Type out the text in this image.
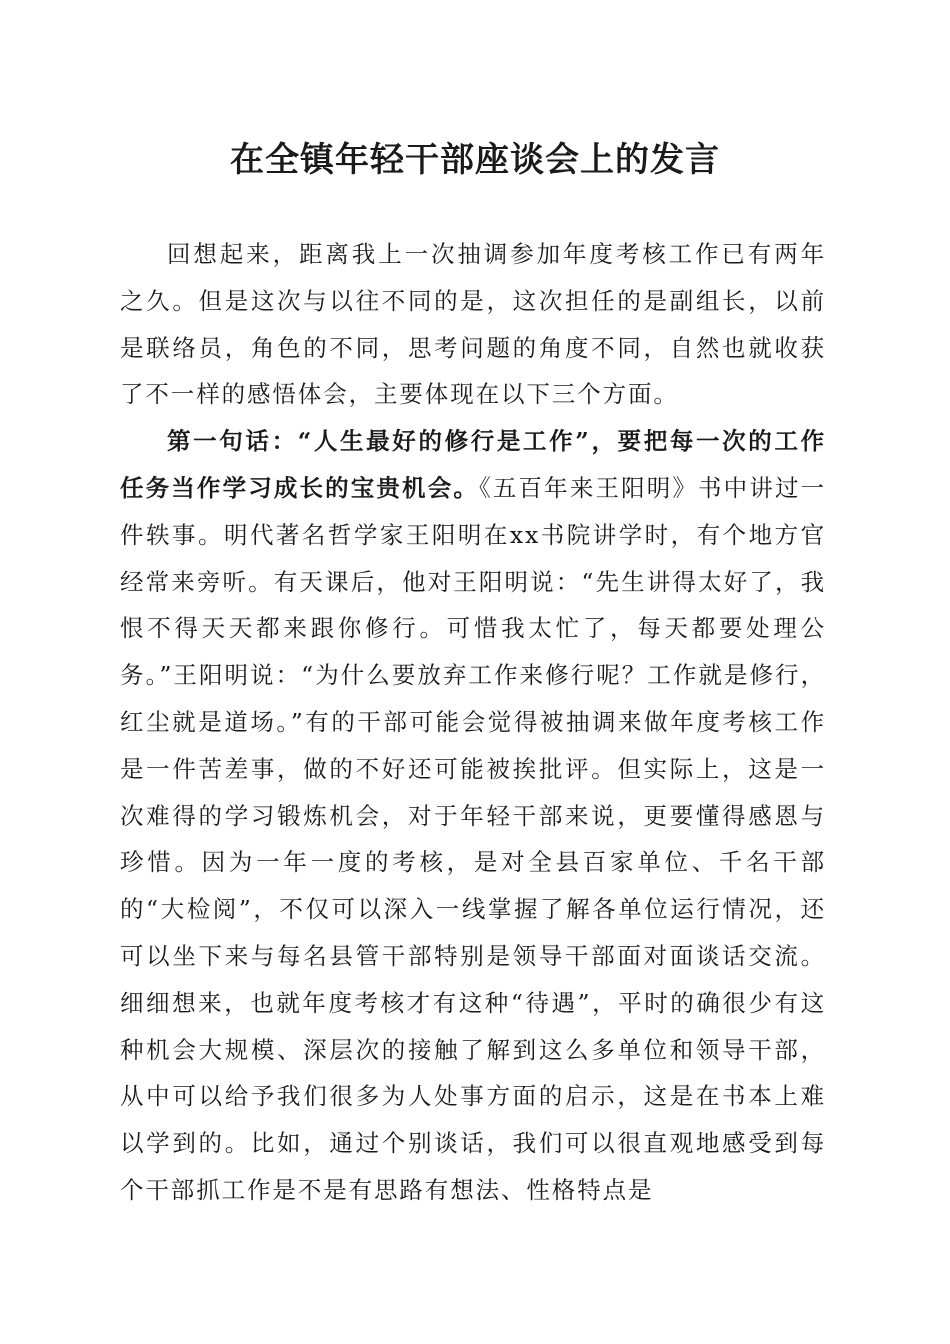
在全镇年轻干部座谈会上的发言

回想起来，距离我上一次抽调参加年度考核工作已有两年之久。但是这次与以往不同的是，这次担任的是副组长，以前是联络员，角色的不同，思考问题的角度不同，自然也就收获了不一样的感悟体会，主要体现在以下三个方面。

第一句话：“人生最好的修行是工作”，要把每一次的工作任务当作学习成长的宝贵机会。《五百年来王阳明》书中讲过一件轶事。明代著名哲学家王阳明在xx书院讲学时，有个地方官经常来旁听。有天课后，他对王阳明说：“先生讲得太好了，我恨不得天天都来跟你修行。可惜我太忙了，每天都要处理公务。”王阳明说：“为什么要放弃工作来修行呢？工作就是修行，红尘就是道场。”有的干部可能会觉得被抽调来做年度考核工作是一件苦差事，做的不好还可能被挨批评。但实际上，这是一次难得的学习锻炼机会，对于年轻干部来说，更要懂得感恩与珍惜。因为一年一度的考核，是对全县百家单位、千名干部的“大检阅”，不仅可以深入一线掌握了解各单位运行情况，还可以坐下来与每名县管干部特别是领导干部面对面谈话交流。细细想来，也就年度考核才有这种“待遇”，平时的确很少有这种机会大规模、深层次的接触了解到这么多单位和领导干部，从中可以给予我们很多为人处事方面的启示，这是在书本上难以学到的。比如，通过个别谈话，我们可以很直观地感受到每个干部抓工作是不是有思路有想法、性格特点是
